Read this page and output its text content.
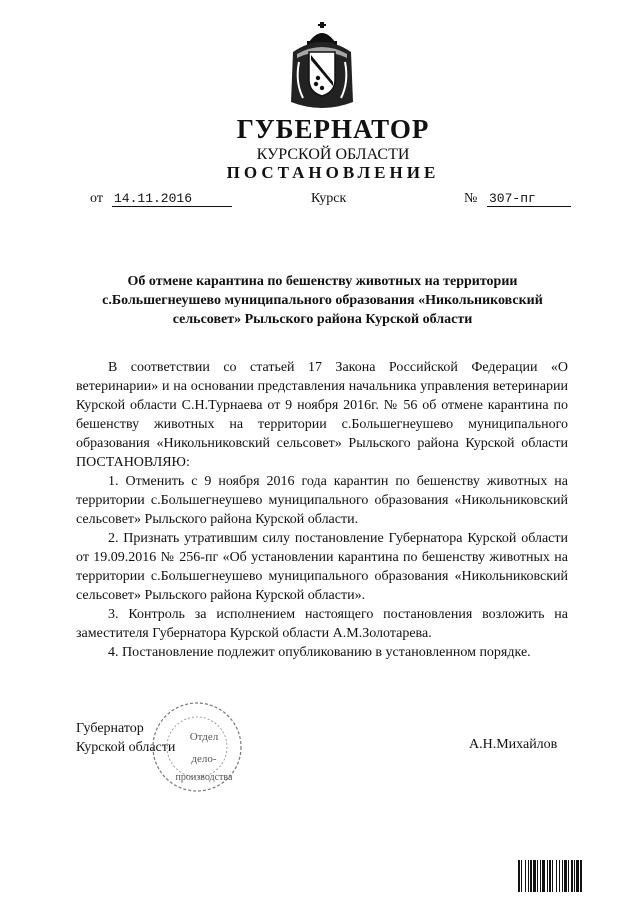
ГУБЕРНАТОР
КУРСКОЙ ОБЛАСТИ
ПОСТАНОВЛЕНИЕ
от 14.11.2016	Курск	№ 307-пг
Об отмене карантина по бешенству животных на территории
с.Большегнеушево муниципального образования «Никольниковский
сельсовет» Рыльского района Курской области

В соответствии со статьей 17 Закона Российской Федерации «О ветеринарии» и на основании представления начальника управления ветеринарии Курской области С.Н.Турнаева от 9 ноября 2016г. № 56 об отмене карантина по бешенству животных на территории с.Большегнеушево муниципального образования «Никольниковский сельсовет» Рыльского района Курской области ПОСТАНОВЛЯЮ:

1. Отменить с 9 ноября 2016 года карантин по бешенству животных на территории с.Большегнеушево муниципального образования «Никольниковский сельсовет» Рыльского района Курской области.

2. Признать утратившим силу постановление Губернатора Курской области от 19.09.2016 № 256-пг «Об установлении карантина по бешенству животных на территории с.Большегнеушево муниципального образования «Никольниковский сельсовет» Рыльского района Курской области».

3. Контроль за исполнением настоящего постановления возложить на заместителя Губернатора Курской области А.М.Золотарева.

4. Постановление подлежит опубликованию в установленном порядке.

Губернатор
Курской области	А.Н.Михайлов
Отдел
дело-
производства
